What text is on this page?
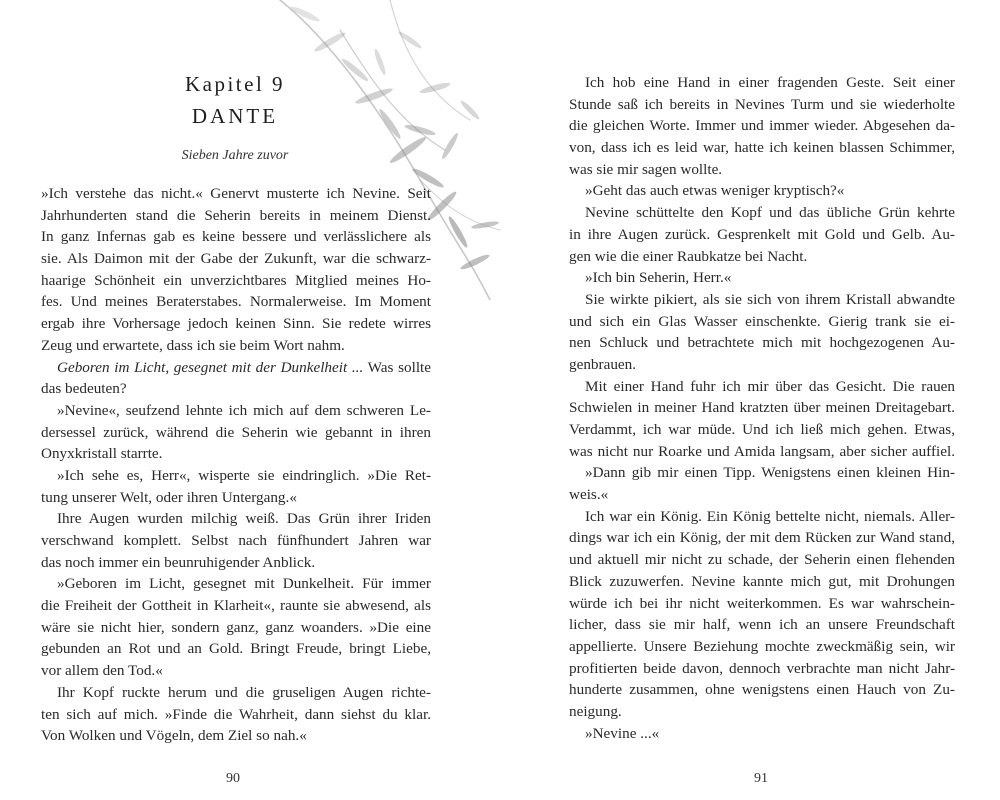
Kapitel 9
DANTE
Sieben Jahre zuvor
»Ich verstehe das nicht.« Genervt musterte ich Nevine. Seit
Jahrhunderten stand die Seherin bereits in meinem Dienst.
In ganz Infernas gab es keine bessere und verlässlichere als
sie. Als Daimon mit der Gabe der Zukunft, war die schwarz-
haarige Schönheit ein unverzichtbares Mitglied meines Ho-
fes. Und meines Beraterstabes. Normalerweise. Im Moment
ergab ihre Vorhersage jedoch keinen Sinn. Sie redete wirres
Zeug und erwartete, dass ich sie beim Wort nahm.
Geboren im Licht, gesegnet mit der Dunkelheit ... Was sollte
das bedeuten?
»Nevine«, seufzend lehnte ich mich auf dem schweren Le-
dersessel zurück, während die Seherin wie gebannt in ihren
Onyxkristall starrte.
»Ich sehe es, Herr«, wisperte sie eindringlich. »Die Ret-
tung unserer Welt, oder ihren Untergang.«
Ihre Augen wurden milchig weiß. Das Grün ihrer Iriden
verschwand komplett. Selbst nach fünfhundert Jahren war
das noch immer ein beunruhigender Anblick.
»Geboren im Licht, gesegnet mit Dunkelheit. Für immer
die Freiheit der Gottheit in Klarheit«, raunte sie abwesend, als
wäre sie nicht hier, sondern ganz, ganz woanders. »Die eine
gebunden an Rot und an Gold. Bringt Freude, bringt Liebe,
vor allem den Tod.«
Ihr Kopf ruckte herum und die gruseligen Augen richte-
ten sich auf mich. »Finde die Wahrheit, dann siehst du klar.
Von Wolken und Vögeln, dem Ziel so nah.«
90
Ich hob eine Hand in einer fragenden Geste. Seit einer
Stunde saß ich bereits in Nevines Turm und sie wiederholte
die gleichen Worte. Immer und immer wieder. Abgesehen da-
von, dass ich es leid war, hatte ich keinen blassen Schimmer,
was sie mir sagen wollte.
»Geht das auch etwas weniger kryptisch?«
Nevine schüttelte den Kopf und das übliche Grün kehrte
in ihre Augen zurück. Gesprenkelt mit Gold und Gelb. Au-
gen wie die einer Raubkatze bei Nacht.
»Ich bin Seherin, Herr.«
Sie wirkte pikiert, als sie sich von ihrem Kristall abwandte
und sich ein Glas Wasser einschenkte. Gierig trank sie ei-
nen Schluck und betrachtete mich mit hochgezogenen Au-
genbrauen.
Mit einer Hand fuhr ich mir über das Gesicht. Die rauen
Schwielen in meiner Hand kratzten über meinen Dreitagebart.
Verdammt, ich war müde. Und ich ließ mich gehen. Etwas,
was nicht nur Roarke und Amida langsam, aber sicher auffiel.
»Dann gib mir einen Tipp. Wenigstens einen kleinen Hin-
weis.«
Ich war ein König. Ein König bettelte nicht, niemals. Aller-
dings war ich ein König, der mit dem Rücken zur Wand stand,
und aktuell mir nicht zu schade, der Seherin einen flehenden
Blick zuzuwerfen. Nevine kannte mich gut, mit Drohungen
würde ich bei ihr nicht weiterkommen. Es war wahrschein-
licher, dass sie mir half, wenn ich an unsere Freundschaft
appellierte. Unsere Beziehung mochte zweckmäßig sein, wir
profitierten beide davon, dennoch verbrachte man nicht Jahr-
hunderte zusammen, ohne wenigstens einen Hauch von Zu-
neigung.
»Nevine ...«
91
